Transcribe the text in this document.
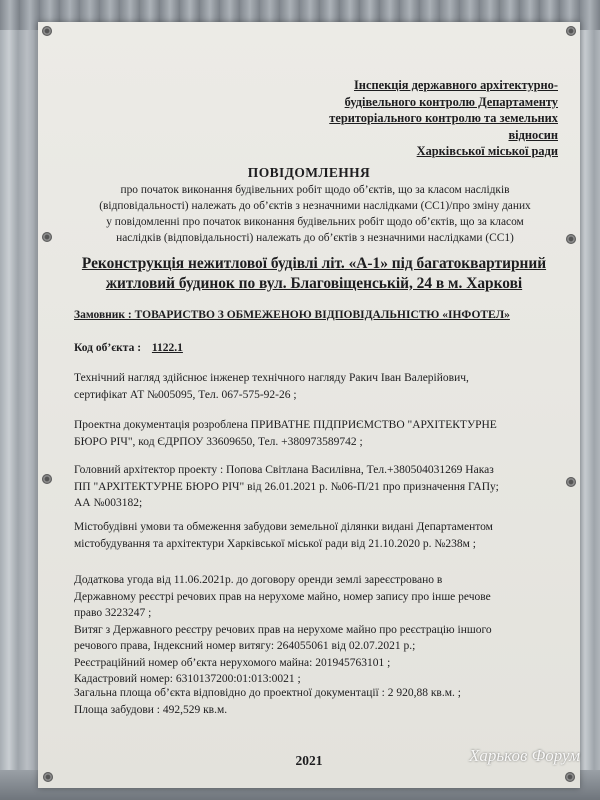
Інспекція державного архітектурно-
будівельного контролю Департаменту
територіального контролю та земельних відносин
Харківської міської ради
ПОВІДОМЛЕННЯ
про початок виконання будівельних робіт щодо об’єктів, що за класом наслідків
(відповідальності) належать до об’єктів з незначними наслідками (СС1)/про зміну даних
у повідомленні про початок виконання будівельних робіт щодо об’єктів, що за класом
наслідків (відповідальності) належать до об’єктів з незначними наслідками (СС1)
Реконструкція нежитлової будівлі літ. «А-1» під багатоквартирний
житловий будинок по вул. Благовіщенській, 24 в м. Харкові
Замовник : ТОВАРИСТВО З ОБМЕЖЕНОЮ ВІДПОВІДАЛЬНІСТЮ «ІНФОТЕЛ»
Код об’єкта : 1122.1
Технічний нагляд здійснює інженер технічного нагляду Ракич Іван Валерійович,
сертифікат АТ №005095, Тел. 067-575-92-26 ;
Проектна документація розроблена ПРИВАТНЕ ПІДПРИЄМСТВО "АРХІТЕКТУРНЕ
БЮРО РІЧ", код ЄДРПОУ 33609650, Тел. +380973589742 ;
Головний архітектор проекту : Попова Світлана Василівна, Тел.+380504031269 Наказ
ПП "АРХІТЕКТУРНЕ БЮРО РІЧ" від 26.01.2021 р. №06-П/21 про призначення ГАПу;
АА №003182;
Містобудівні умови та обмеження забудови земельної ділянки видані Департаментом
містобудування та архітектури Харківської міської ради від 21.10.2020 р. №238м ;
Додаткова угода від 11.06.2021р. до договору оренди землі зареєстровано в
Державному реєстрі речових прав на нерухоме майно, номер запису про інше речове
право 3223247 ;
Витяг з Державного реєстру речових прав на нерухоме майно про реєстрацію іншого
речового права, Індексний номер витягу: 264055061 від 02.07.2021 р.;
Реєстраційний номер об’єкта нерухомого майна: 201945763101 ;
Кадастровий номер: 6310137200:01:013:0021 ;
Загальна площа об’єкта відповідно до проектної документації : 2 920,88 кв.м. ;
Площа забудови : 492,529 кв.м.
2021	Харьков Форум
